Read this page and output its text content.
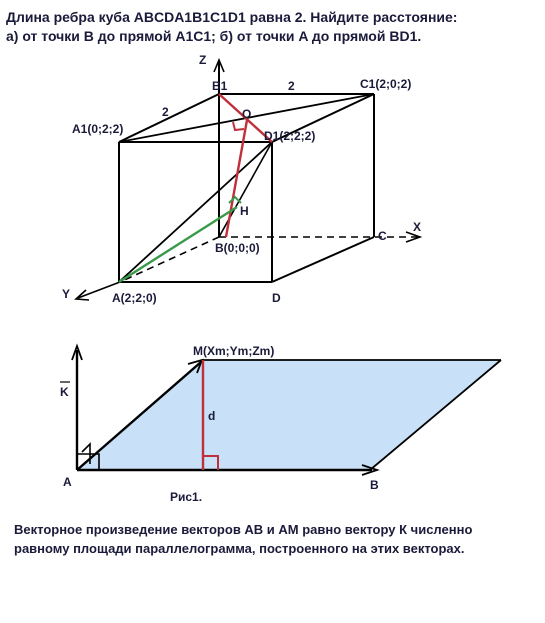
Длина ребра куба ABCDA1B1C1D1 равна 2. Найдите расстояние:
а) от точки B до прямой A1C1; б) от точки A до прямой BD1.
Z
B1	2	C1(2;0;2)
2	O
A1(0;2;2)	D1(2;2;2)
H
X
C
B(0;0;0)
Y	A(2;2;0)	D
M(Xm;Ym;Zm)
K
d
A	B
Рис1.
Векторное произведение векторов АВ и АМ равно вектору К численно
равному площади параллелограмма, построенного на этих векторах.
